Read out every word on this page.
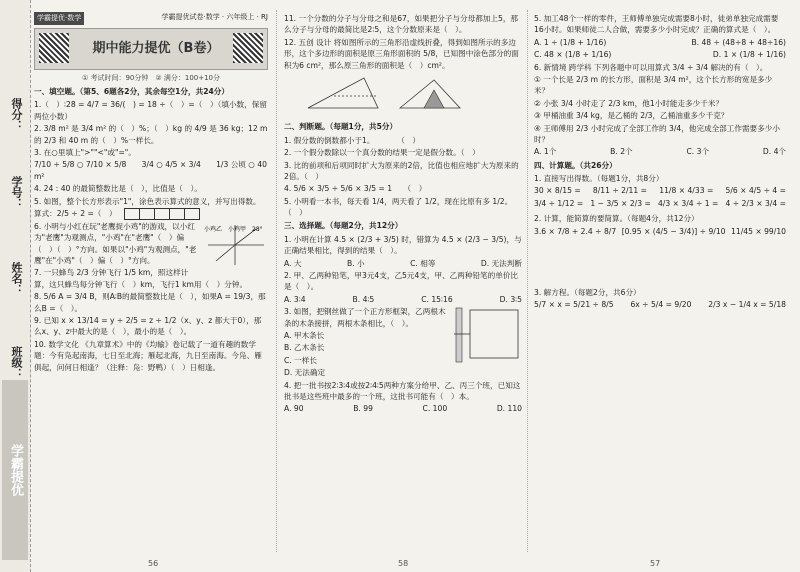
得分：
学号：
姓名：
班级：
学霸提优
学霸提优·数学	学霸提优试卷·数学 · 六年级上 · RJ
期中能力提优（B卷）
① 考试时间：90分钟　② 满分：100+10分
一、填空题。（第5、6题各2分，其余每空1分，共24分）
1.（　）∶28 = 4/7 = 36/(　) = 18 ÷（　）=（　）（填小数，保留两位小数）
2. 3/8 m² 是 3/4 m² 的（　）%；（　）kg 的 4/9 是 36 kg；12 m 的 2/3 和 40 m 的（　）%一样长。
3. 在○里填上">""<"或"="。
7/10 ÷ 5/8 ○ 7/10 × 5/8　　3/4 ○ 4/5 × 3/4　　1/3 公顷 ○ 40 m²
4. 24 : 40 的最简整数比是（　），比值是（　）。
5. 如图，整个长方形表示"1"，涂色表示算式的意义，并写出得数。
算式：2/5 ÷ 2 =（　）
小鸡乙　小鸡甲　28°
6. 小明与小红在玩"老鹰捉小鸡"的游戏，以小红为"老鹰"为观测点，"小鸡"在"老鹰"（　）偏（　）（　）°方向。如果以"小鸡"为观测点，"老鹰"在"小鸡"（　）偏（　）°方向。
7. 一只蜂鸟 2/3 分钟飞行 1/5 km，照这样计算，这只蜂鸟每分钟飞行（　）km，飞行1 km用（　）分钟。
8. 5/6 A = 3/4 B，则A∶B的最简整数比是（　），如果A = 19/3，那么B =（　）。
9. 已知 x × 13/14 = y ÷ 2/5 = z ÷ 1/2（x、y、z 都大于0），那么x、y、z中最大的是（　），最小的是（　）。
10. 数学文化 《九章算术》中的《均输》卷记载了一道有趣的数学题：今有凫起南海，七日至北海；雁起北海，九日至南海。今凫、雁俱起，问何日相逢？（注释：凫：野鸭）（　）日相逢。
56
11. 一个分数的分子与分母之和是67，如果把分子与分母都加上5，那么分子与分母的最简比是2∶5，这个分数原来是（　）。
12. 五创 设计 将如图所示的三角形沿虚线折叠，得到如图所示的多边形，这个多边形的面积是原三角形面积的 5/8，已知图中涂色部分的面积为6 cm²，那么原三角形的面积是（　）cm²。
二、判断题。（每题1分，共5分）
1. 假分数的倒数都小于1。　　　　（　）
2. 一个假分数除以一个真分数的结果一定是假分数。（　）
3. 比的前项和后项同时扩大为原来的2倍，比值也相应地扩大为原来的2倍。（　）
4. 5/6 × 3/5 ÷ 5/6 × 3/5 = 1　　（　）
5. 小明看一本书，每天看 1/4，两天看了 1/2，现在比原有多 1/2。（　）
三、选择题。（每题2分，共12分）
1. 小明在计算 4.5 × (2/3 + 3/5) 时，错算为 4.5 × (2/3 − 3/5)，与正确结果相比，得到的结果（　）。
A. 大	B. 小	C. 相等	D. 无法判断
2. 甲、乙两种铅笔，甲3元4支，乙5元4支，甲、乙两种铅笔的单价比是（　）。
A. 3∶4	B. 4∶5	C. 15∶16	D. 3∶5
3. 如图，把钢丝做了一个正方形框架，乙两根木条的木条接拼，两根木条相比，（　）。
A. 甲木条长
B. 乙木条长
C. 一样长
D. 无法确定
4. 把一批书按2∶3∶4或按2∶4∶5两种方案分给甲、乙、丙三个班，已知这批书是这些班中最多的一个班，这批书可能有（　）本。
A. 90	B. 99	C. 100	D. 110
58
5. 加工48个一样的零件，王师傅单独完成需要8小时，徒弟单独完成需要16小时。如果师徒二人合做，需要多少小时完成？正确的算式是（　）。
A. 1 ÷ (1/8 + 1/16)	B. 48 ÷ (48÷8 + 48÷16)
C. 48 × (1/8 + 1/16)	D. 1 × (1/8 + 1/16)
6. 新情境 跨学科 下列各题中可以用算式 3/4 ÷ 3/4 解决的有（　）。
① 一个长是 2/3 m 的长方形，面积是 3/4 m²，这个长方形的宽是多少米？
② 小张 3/4 小时走了 2/3 km，他1小时能走多少千米？
③ 甲桶油重 3/4 kg，是乙桶的 2/3，乙桶油重多少千克？
④ 王师傅用 2/3 小时完成了全部工作的 3/4，他完成全部工作需要多少小时？
A. 1个	B. 2个	C. 3个	D. 4个
四、计算题。（共26分）
1. 直接写出得数。（每题1分，共8分）
30 × 8/15 = 8/11 ÷ 2/11 = 11/8 × 4/33 = 5/6 × 4/5 ÷ 4 =
3/4 ÷ 1/12 = 1 − 3/5 × 2/3 = 4/3 × 3/4 ÷ 1 = 4 ÷ 2/3 × 3/4 =
2. 计算，能简算的要简算。（每题4分，共12分）
3.6 × 7/8 + 2.4 ÷ 8/7 [0.95 × (4/5 − 3/4)] ÷ 9/10 11/45 × 99/10
3. 解方程。（每题2分，共6分）
5/7 × x = 5/21 ÷ 8/5 6x ÷ 5/4 = 9/20 2/3 x − 1/4 x = 5/18
57
